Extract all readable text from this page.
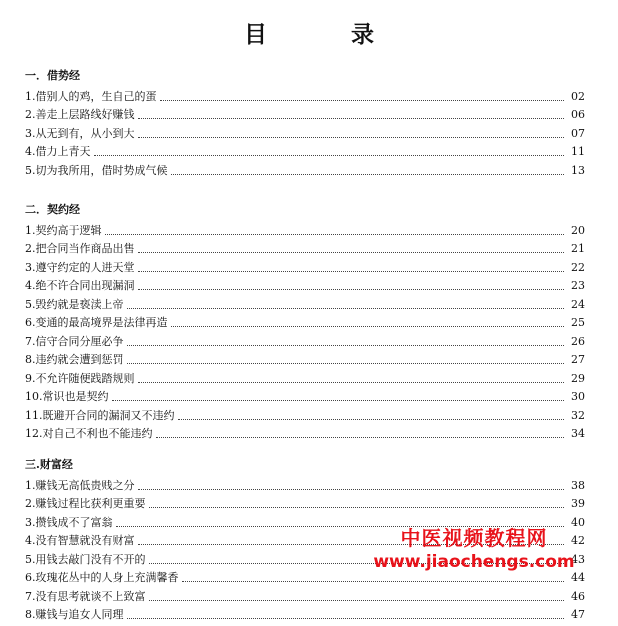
目 录
一．借势经
1.借别人的鸡，生自己的蛋	02
2.善走上层路线好赚钱	06
3.从无到有，从小到大	07
4.借力上青天	11
5.切为我所用，借时势成气候	13
二．契约经
1.契约高于逻辑	20
2.把合同当作商品出售	21
3.遵守约定的人进天堂	22
4.绝不许合同出现漏洞	23
5.毁约就是亵渎上帝	24
6.变通的最高境界是法律再造	25
7.信守合同分厘必争	26
8.违约就会遭到惩罚	27
9.不允许随便践踏规则	29
10.常识也是契约	30
11.既避开合同的漏洞又不违约	32
12.对自己不利也不能违约	34
三.财富经
1.赚钱无高低贵贱之分	38
2.赚钱过程比获利更重要	39
3.攒钱成不了富翁	40
4.没有智慧就没有财富	42
5.用钱去敲门没有不开的	43
6.玫瑰花丛中的人身上充满馨香	44
7.没有思考就谈不上致富	46
8.赚钱与追女人同理	47
中医视频教程网
www.jiaochengs.com
